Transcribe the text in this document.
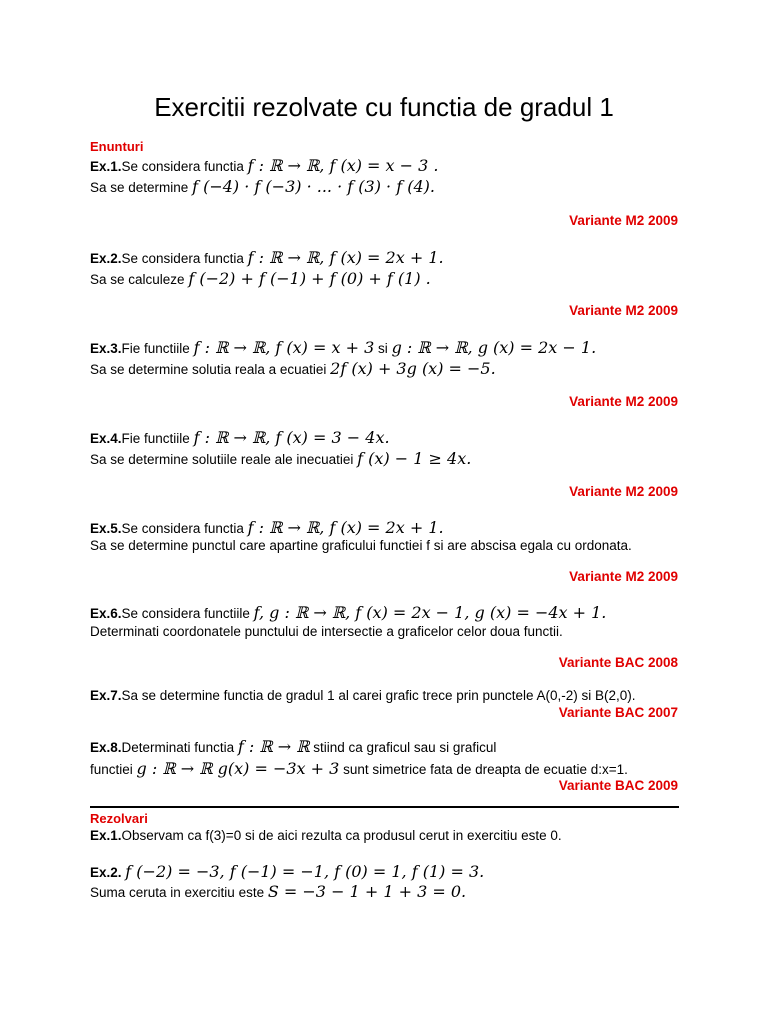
Exercitii rezolvate cu functia de gradul 1
Enunturi
Ex.1.Se considera functia f : ℝ → ℝ, f (x) = x − 3 .
Sa se determine f (−4) · f (−3) · ... · f (3) · f (4).
Variante M2 2009
Ex.2.Se considera functia f : ℝ → ℝ, f (x) = 2x + 1.
Sa se calculeze f (−2) + f (−1) + f (0) + f (1) .
Variante M2 2009
Ex.3.Fie functiile f : ℝ → ℝ, f (x) = x + 3 si g : ℝ → ℝ, g (x) = 2x − 1.
Sa se determine solutia reala a ecuatiei 2f (x) + 3g (x) = −5.
Variante M2 2009
Ex.4.Fie functiile f : ℝ → ℝ, f (x) = 3 − 4x.
Sa se determine solutiile reale ale inecuatiei f (x) − 1 ≥ 4x.
Variante M2 2009
Ex.5.Se considera functia f : ℝ → ℝ, f (x) = 2x + 1.
Sa se determine punctul care apartine graficului functiei f si are abscisa egala cu ordonata.
Variante M2 2009
Ex.6.Se considera functiile f, g : ℝ → ℝ, f (x) = 2x − 1, g (x) = −4x + 1.
Determinati coordonatele punctului de intersectie a graficelor celor doua functii.
Variante BAC 2008
Ex.7.Sa se determine functia de gradul 1 al carei grafic trece prin punctele A(0,-2) si B(2,0).
Variante BAC 2007
Ex.8.Determinati functia f : ℝ → ℝ stiind ca graficul sau si graficul
functiei g : ℝ → ℝ g(x) = −3x + 3 sunt simetrice fata de dreapta de ecuatie d:x=1.
Variante BAC 2009
Rezolvari
Ex.1.Observam ca f(3)=0 si de aici rezulta ca produsul cerut in exercitiu este 0.
Ex.2. f (−2) = −3, f (−1) = −1, f (0) = 1, f (1) = 3.
Suma ceruta in exercitiu este S = −3 − 1 + 1 + 3 = 0.
